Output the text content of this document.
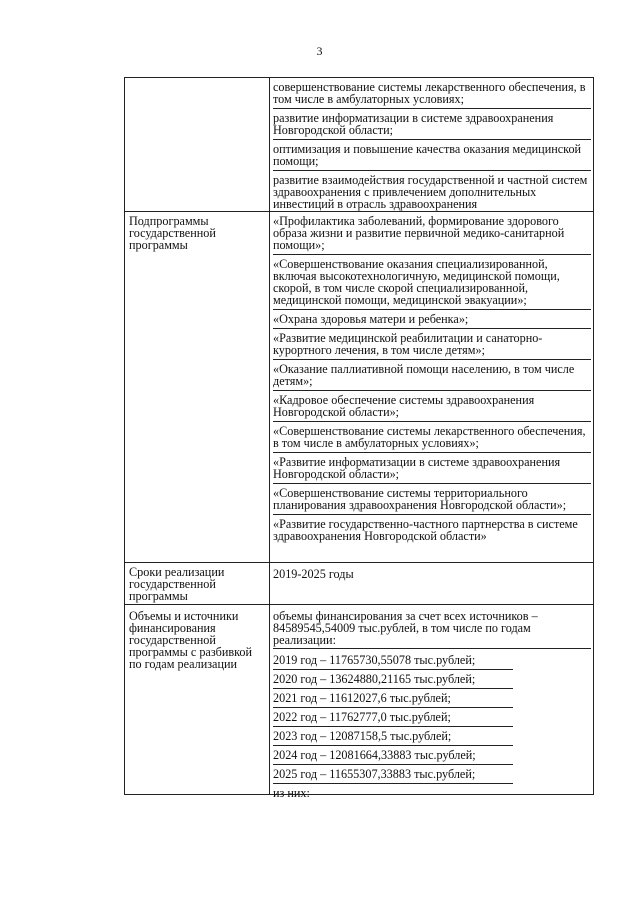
3

совершенствование системы лекарственного обеспечения, в том числе в амбулаторных условиях;

развитие информатизации в системе здравоохранения Новгородской области;

оптимизация и повышение качества оказания медицинской помощи;

развитие взаимодействия государственной и частной систем здравоохранения с привлечением дополнительных инвестиций в отрасль здравоохранения

Подпрограммы государственной программы

«Профилактика заболеваний, формирование здорового образа жизни и развитие первичной медико-санитарной помощи»;

«Совершенствование оказания специализированной, включая высокотехнологичную, медицинской помощи, скорой, в том числе скорой специализированной, медицинской помощи, медицинской эвакуации»;

«Охрана здоровья матери и ребенка»;

«Развитие медицинской реабилитации и санаторно-курортного лечения, в том числе детям»;

«Оказание паллиативной помощи населению, в том числе детям»;

«Кадровое обеспечение системы здравоохранения Новгородской области»;

«Совершенствование системы лекарственного обеспечения, в том числе в амбулаторных условиях»;

«Развитие информатизации в системе здравоохранения Новгородской области»;

«Совершенствование системы территориального планирования здравоохранения Новгородской области»;

«Развитие государственно-частного партнерства в системе здравоохранения Новгородской области»

Сроки реализации государственной программы
2019-2025 годы
Объемы и источники финансирования государственной программы с разбивкой по годам реализации

объемы финансирования за счет всех источников – 84589545,54009 тыс.рублей, в том числе по годам реализации:

2019 год – 11765730,55078 тыс.рублей;

2020 год – 13624880,21165 тыс.рублей;

2021 год – 11612027,6 тыс.рублей;

2022 год – 11762777,0 тыс.рублей;

2023 год – 12087158,5 тыс.рублей;

2024 год – 12081664,33883 тыс.рублей;

2025 год – 11655307,33883 тыс.рублей;

из них:
